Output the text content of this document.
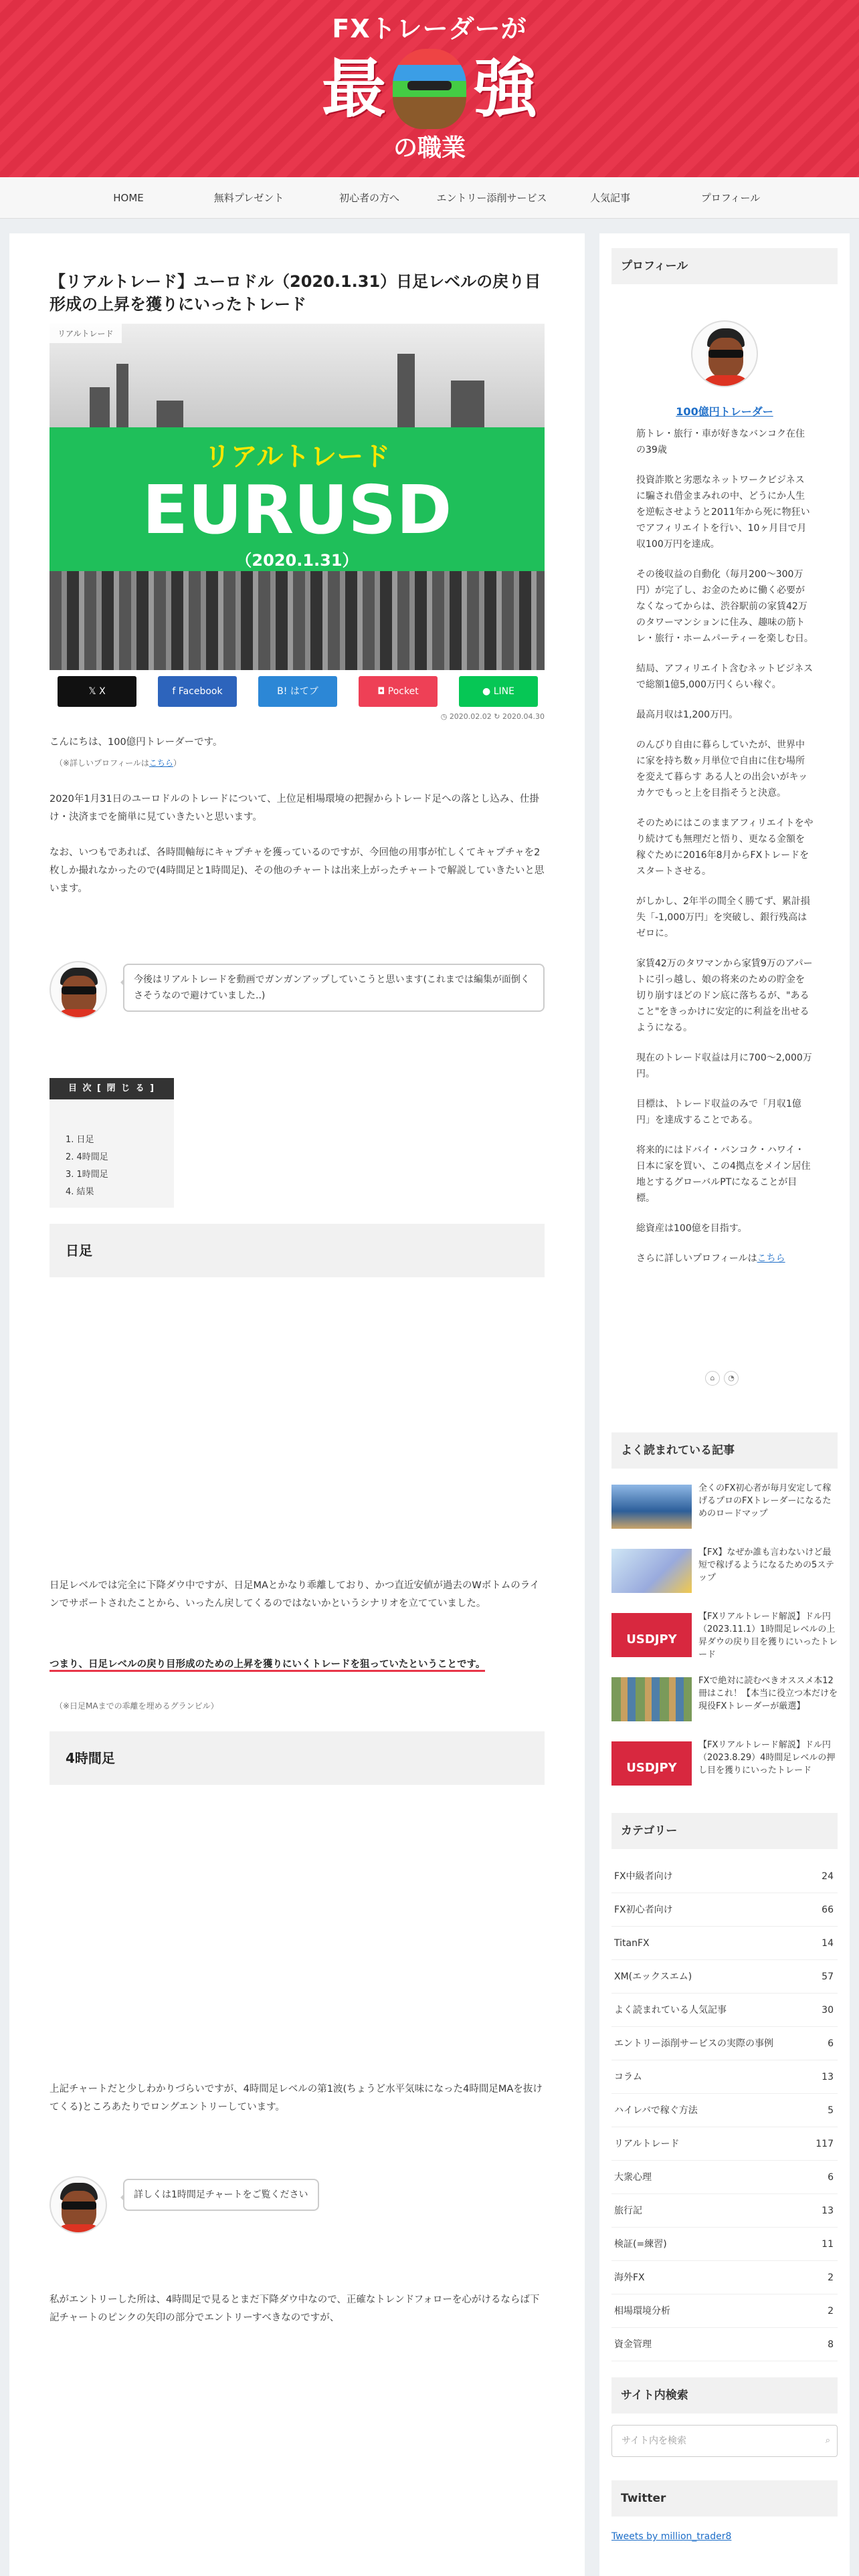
FXトレーダーが
最 強
の職業
HOME	無料プレゼント	初心者の方へ	エントリー添削サービス	人気記事	プロフィール
【リアルトレード】ユーロドル（2020.1.31）日足レベルの戻り目形成の上昇を獲りにいったトレード
リアルトレード
EURUSD
（2020.1.31）
リアルトレード
𝕏 X	f Facebook	B! はてブ	◘ Pocket	● LINE
◷ 2020.02.02 ↻ 2020.04.30

こんにちは、100億円トレーダーです。

（※詳しいプロフィールはこちら）

2020年1月31日のユーロドルのトレードについて、上位足相場環境の把握からトレード足への落とし込み、仕掛け・決済までを簡単に見ていきたいと思います。

なお、いつもであれば、各時間軸毎にキャプチャを獲っているのですが、今回他の用事が忙しくてキャプチャを2枚しか撮れなかったので(4時間足と1時間足)、その他のチャートは出来上がったチャートで解説していきたいと思います。

今後はリアルトレードを動画でガンガンアップしていこうと思います(これまでは編集が面倒くさそうなので避けていました..)
目 次 [ 閉 じ る ]
1. 日足
2. 4時間足
3. 1時間足
4. 結果
日足

日足レベルでは完全に下降ダウ中ですが、日足MAとかなり乖離しており、かつ直近安値が過去のWボトムのラインでサポートされたことから、いったん戻してくるのではないかというシナリオを立てていました。

つまり、日足レベルの戻り目形成のための上昇を獲りにいくトレードを狙っていたということです。

（※日足MAまでの乖離を埋めるグランビル）
4時間足

上記チャートだと少しわかりづらいですが、4時間足レベルの第1波(ちょうど水平気味になった4時間足MAを抜けてくる)ところあたりでロングエントリーしています。

詳しくは1時間足チャートをご覧ください

私がエントリーした所は、4時間足で見るとまだ下降ダウ中なので、正確なトレンドフォローを心がけるならば下記チャートのピンクの矢印の部分でエントリーすべきなのですが、

プロフィール
100億円トレーダー

筋トレ・旅行・車が好きなバンコク在住の39歳

投資詐欺と劣悪なネットワークビジネスに騙され借金まみれの中、どうにか人生を逆転させようと2011年から死に物狂いでアフィリエイトを行い、10ヶ月目で月収100万円を達成。

その後収益の自動化（毎月200〜300万円）が完了し、お金のために働く必要がなくなってからは、渋谷駅前の家賃42万のタワーマンションに住み、趣味の筋トレ・旅行・ホームパーティーを楽しむ日。

結局、アフィリエイト含むネットビジネスで総額1億5,000万円くらい稼ぐ。

最高月収は1,200万円。

のんびり自由に暮らしていたが、世界中に家を持ち数ヶ月単位で自由に住む場所を変えて暮らす ある人との出会いがキッカケでもっと上を目指そうと決意。

そのためにはこのままアフィリエイトをやり続けても無理だと悟り、更なる金額を稼ぐために2016年8月からFXトレードをスタートさせる。

がしかし、2年半の間全く勝てず、累計損失「-1,000万円」を突破し、銀行残高はゼロに。

家賃42万のタワマンから家賃9万のアパートに引っ越し、娘の将来のための貯金を切り崩すほどのドン底に落ちるが、"あること"をきっかけに安定的に利益を出せるようになる。

現在のトレード収益は月に700〜2,000万円。

目標は、トレード収益のみで「月収1億円」を達成することである。

将来的にはドバイ・バンコク・ハワイ・日本に家を買い、この4拠点をメイン居住地とするグローバルPTになることが目標。

総資産は100億を目指す。

さらに詳しいプロフィールはこちら

⌂ ◔
よく読まれている記事
全くのFX初心者が毎月安定して稼げるプロのFXトレーダーになるためのロードマップ
【FX】なぜか誰も言わないけど最短で稼げるようになるための5ステップ
USDJPY
【FXリアルトレード解説】ドル円（2023.11.1）1時間足レベルの上昇ダウの戻り目を獲りにいったトレード
FXで絶対に読むべきオススメ本12冊はこれ！【本当に役立つ本だけを現役FXトレーダーが厳選】
USDJPY
【FXリアルトレード解説】ドル円（2023.8.29）4時間足レベルの押し目を獲りにいったトレード
カテゴリー
FX中級者向け	24
FX初心者向け	66
TitanFX	14
XM(エックスエム)	57
よく読まれている人気記事	30
エントリー添削サービスの実際の事例	6
コラム	13
ハイレバで稼ぐ方法	5
リアルトレード	117
大衆心理	6
旅行記	13
検証(=練習)	11
海外FX	2
相場環境分析	2
資金管理	8
サイト内検索
サイト内を検索	⌕
Twitter
Tweets by million_trader8
